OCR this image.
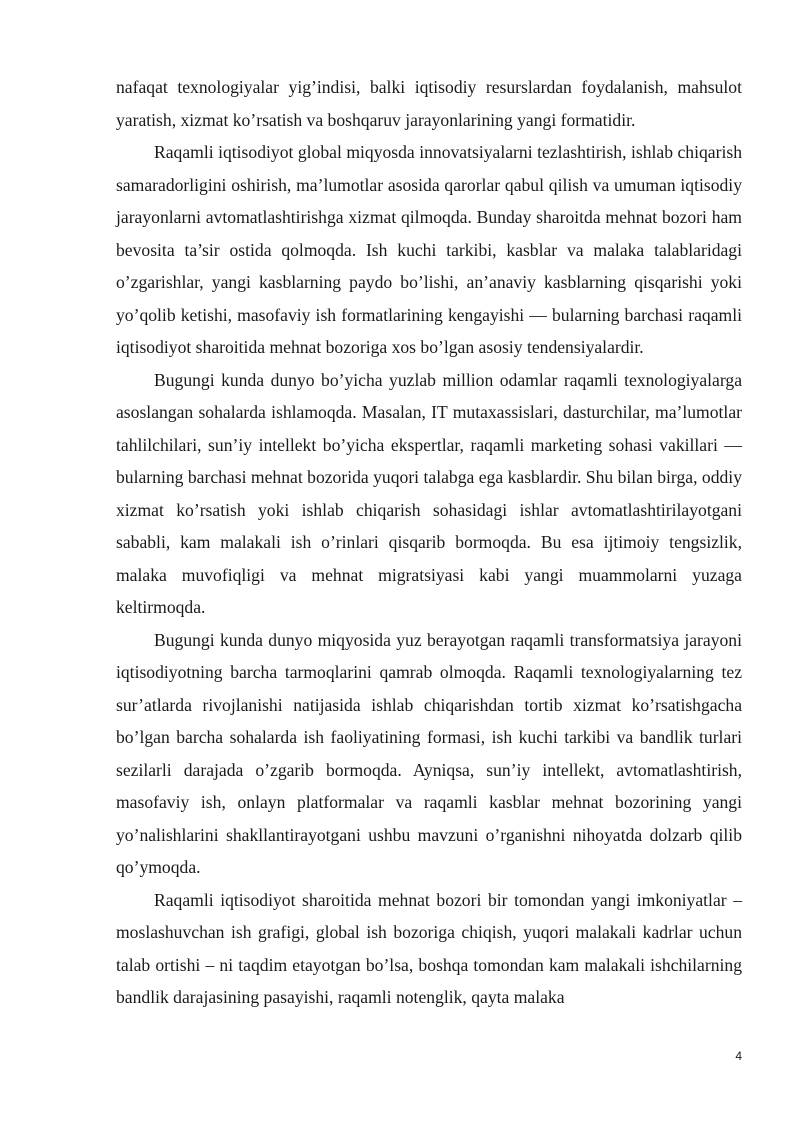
nafaqat texnologiyalar yig’indisi, balki iqtisodiy resurslardan foydalanish, mahsulot yaratish, xizmat ko’rsatish va boshqaruv jarayonlarining yangi formatidir.

Raqamli iqtisodiyot global miqyosda innovatsiyalarni tezlashtirish, ishlab chiqarish samaradorligini oshirish, ma’lumotlar asosida qarorlar qabul qilish va umuman iqtisodiy jarayonlarni avtomatlashtirishga xizmat qilmoqda. Bunday sharoitda mehnat bozori ham bevosita ta’sir ostida qolmoqda. Ish kuchi tarkibi, kasblar va malaka talablaridagi o’zgarishlar, yangi kasblarning paydo bo’lishi, an’anaviy kasblarning qisqarishi yoki yo’qolib ketishi, masofaviy ish formatlarining kengayishi — bularning barchasi raqamli iqtisodiyot sharoitida mehnat bozoriga xos bo’lgan asosiy tendensiyalardir.

Bugungi kunda dunyo bo’yicha yuzlab million odamlar raqamli texnologiyalarga asoslangan sohalarda ishlamoqda. Masalan, IT mutaxassislari, dasturchilar, ma’lumotlar tahlilchilari, sun’iy intellekt bo’yicha ekspertlar, raqamli marketing sohasi vakillari — bularning barchasi mehnat bozorida yuqori talabga ega kasblardir. Shu bilan birga, oddiy xizmat ko’rsatish yoki ishlab chiqarish sohasidagi ishlar avtomatlashtirilayotgani sababli, kam malakali ish o’rinlari qisqarib bormoqda. Bu esa ijtimoiy tengsizlik, malaka muvofiqligi va mehnat migratsiyasi kabi yangi muammolarni yuzaga keltirmoqda.

Bugungi kunda dunyo miqyosida yuz berayotgan raqamli transformatsiya jarayoni iqtisodiyotning barcha tarmoqlarini qamrab olmoqda. Raqamli texnologiyalarning tez sur’atlarda rivojlanishi natijasida ishlab chiqarishdan tortib xizmat ko’rsatishgacha bo’lgan barcha sohalarda ish faoliyatining formasi, ish kuchi tarkibi va bandlik turlari sezilarli darajada o’zgarib bormoqda. Ayniqsa, sun’iy intellekt, avtomatlashtirish, masofaviy ish, onlayn platformalar va raqamli kasblar mehnat bozorining yangi yo’nalishlarini shakllantirayotgani ushbu mavzuni o’rganishni nihoyatda dolzarb qilib qo’ymoqda.

Raqamli iqtisodiyot sharoitida mehnat bozori bir tomondan yangi imkoniyatlar – moslashuvchan ish grafigi, global ish bozoriga chiqish, yuqori malakali kadrlar uchun talab ortishi – ni taqdim etayotgan bo’lsa, boshqa tomondan kam malakali ishchilarning bandlik darajasining pasayishi, raqamli notenglik, qayta malaka

4
